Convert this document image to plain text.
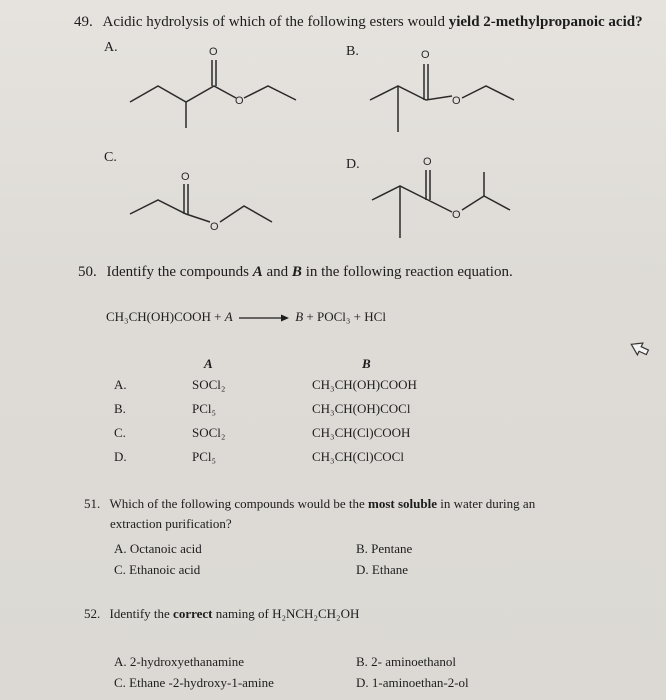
49. Acidic hydrolysis of which of the following esters would yield 2-methylpropanoic acid?
A.	B.
C.	D.
O
O
O
O
O
O
O
O
50. Identify the compounds A and B in the following reaction equation.
CH₃CH(OH)COOH + A → B + POCl₃ + HCl
A	B
A.	SOCl₂	CH₃CH(OH)COOH
B.	PCl₅	CH₃CH(OH)COCl
C.	SOCl₂	CH₃CH(Cl)COOH
D.	PCl₅	CH₃CH(Cl)COCl
51. Which of the following compounds would be the most soluble in water during an
extraction purification?
A. Octanoic acid	B. Pentane
C. Ethanoic acid	D. Ethane
52. Identify the correct naming of H₂NCH₂CH₂OH
A. 2-hydroxyethanamine	B. 2- aminoethanol
C. Ethane -2-hydroxy-1-amine	D. 1-aminoethan-2-ol
